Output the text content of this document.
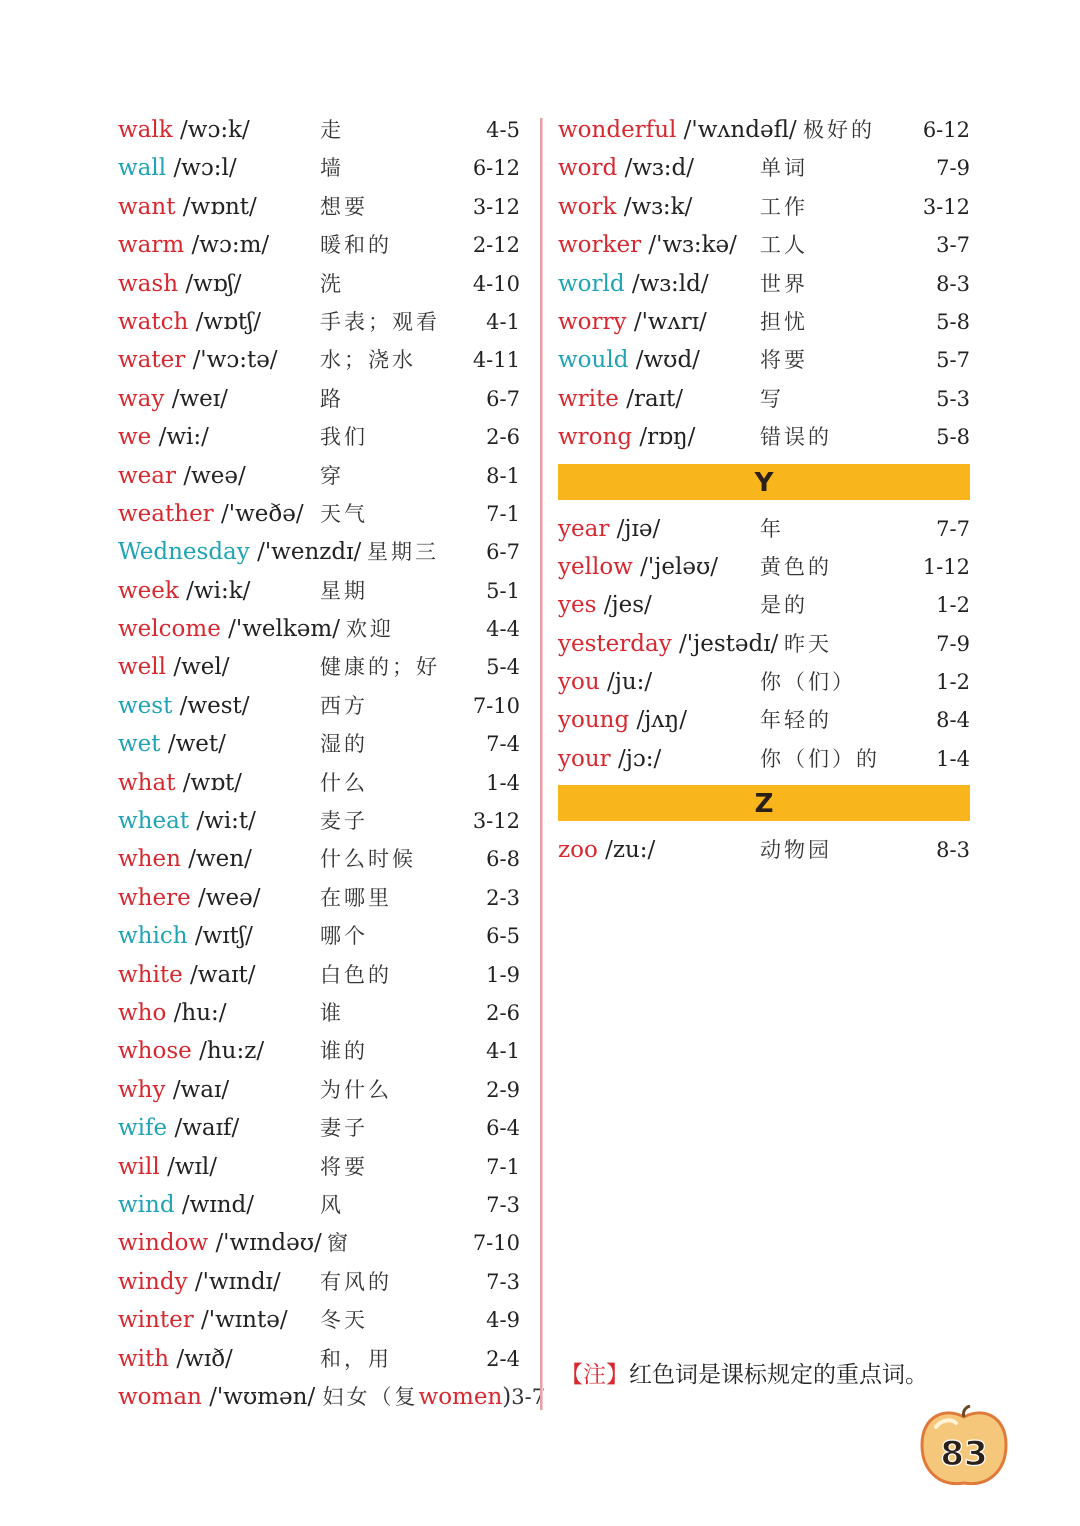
walk /wɔ:k/	走	4-5
wall /wɔ:l/	墙	6-12
want /wɒnt/	想要	3-12
warm /wɔ:m/ 暖和的	2-12
wash /wɒʃ/	洗	4-10
watch /wɒtʃ/	手表；观看 4-1
water /'wɔ:tə/ 水；浇水	4-11
way /weɪ/	路	6-7
we /wi:/	我们	2-6
wear /weə/	穿	8-1
weather /'weðə/ 天气	7-1
Wednesday /'wenzdɪ/ 星期三 6-7
week /wi:k/	星期	5-1
welcome /'welkəm/ 欢迎	4-4
well /wel/	健康的；好 5-4
west /west/	西方	7-10
wet /wet/	湿的	7-4
what /wɒt/	什么	1-4
wheat /wi:t/	麦子	3-12
when /wen/	什么时候	6-8
where /weə/	在哪里	2-3
which /wɪtʃ/	哪个	6-5
white /waɪt/	白色的	1-9
who /hu:/	谁	2-6
whose /hu:z/	谁的	4-1
why /waɪ/	为什么	2-9
wife /waɪf/	妻子	6-4
will /wɪl/	将要	7-1
wind /wɪnd/	风	7-3
window /'wɪndəʊ/ 窗	7-10
windy /'wɪndɪ/ 有风的	7-3
winter /'wɪntə/ 冬天	4-9
with /wɪð/	和，用	2-4
woman /'wʊmən/ 妇女（复women)3-7
wonderful /'wʌndəfl/ 极好的 6-12
word /wɜ:d/	单词	7-9
work /wɜ:k/	工作	3-12
worker /'wɜ:kə/ 工人	3-7
world /wɜ:ld/ 世界	8-3
worry /'wʌrɪ/	担忧	5-8
would /wʊd/	将要	5-7
write /raɪt/	写	5-3
wrong /rɒŋ/	错误的	5-8
Y
year /jɪə/	年	7-7
yellow /'jeləʊ/ 黄色的	1-12
yes /jes/	是的	1-2
yesterday /'jestədɪ/ 昨天	7-9
you /ju:/	你（们）	1-2
young /jʌŋ/	年轻的	8-4
your /jɔ:/	你（们）的	1-4
Z
zoo /zu:/	动物园	8-3
【注】红色词是课标规定的重点词。
83
